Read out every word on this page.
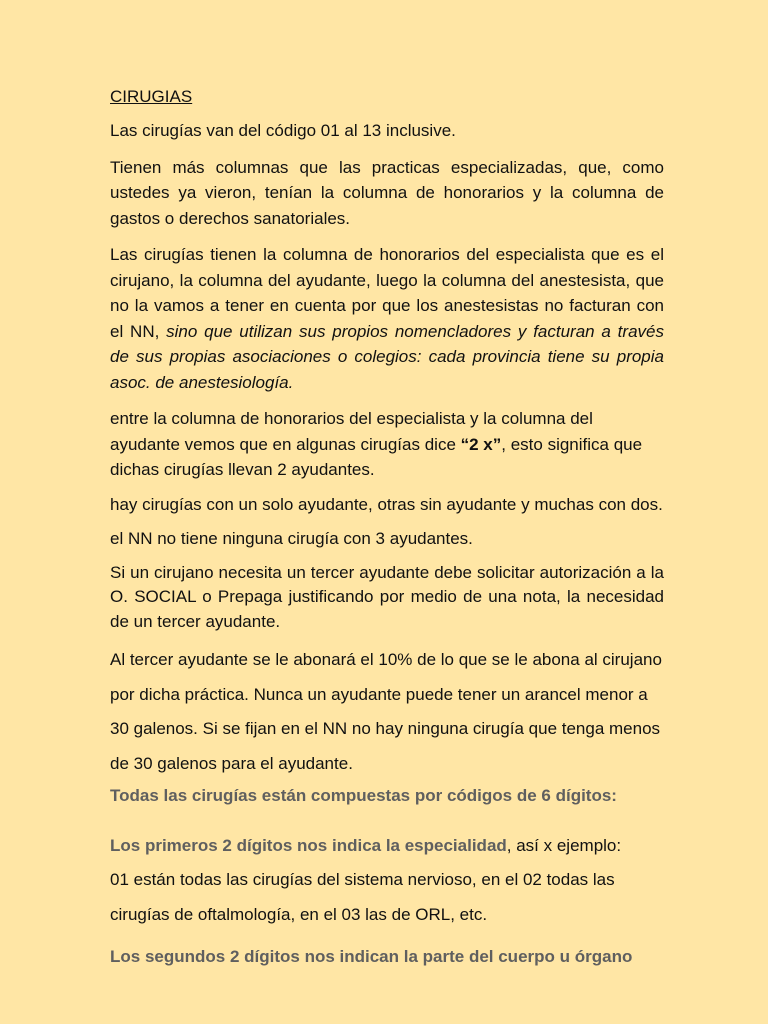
CIRUGIAS

Las cirugías van del código 01 al 13 inclusive.

Tienen más columnas que las practicas especializadas, que, como ustedes ya vieron, tenían la columna de honorarios y la columna de gastos o derechos sanatoriales.

Las cirugías tienen la columna de honorarios del especialista que es el cirujano, la columna del ayudante, luego la columna del anestesista, que no la vamos a tener en cuenta por que los anestesistas no facturan con el NN, sino que utilizan sus propios nomencladores y facturan a través de sus propias asociaciones o colegios: cada provincia tiene su propia asoc. de anestesiología.

entre la columna de honorarios del especialista y la columna del ayudante vemos que en algunas cirugías dice “2 x”, esto significa que dichas cirugías llevan 2 ayudantes.

hay cirugías con un solo ayudante, otras sin ayudante y muchas con dos.

el NN no tiene ninguna cirugía con 3 ayudantes.

Si un cirujano necesita un tercer ayudante debe solicitar autorización a la O. SOCIAL o Prepaga justificando por medio de una nota, la necesidad de un tercer ayudante.

Al tercer ayudante se le abonará el 10% de lo que se le abona al cirujano por dicha práctica. Nunca un ayudante puede tener un arancel menor a 30 galenos. Si se fijan en el NN no hay ninguna cirugía que tenga menos de 30 galenos para el ayudante.

Todas las cirugías están compuestas por códigos de 6 dígitos:

Los primeros 2 dígitos nos indica la especialidad, así x ejemplo:

01 están todas las cirugías del sistema nervioso, en el 02 todas las cirugías de oftalmología, en el 03 las de ORL, etc.

Los segundos 2 dígitos nos indican la parte del cuerpo u órgano
